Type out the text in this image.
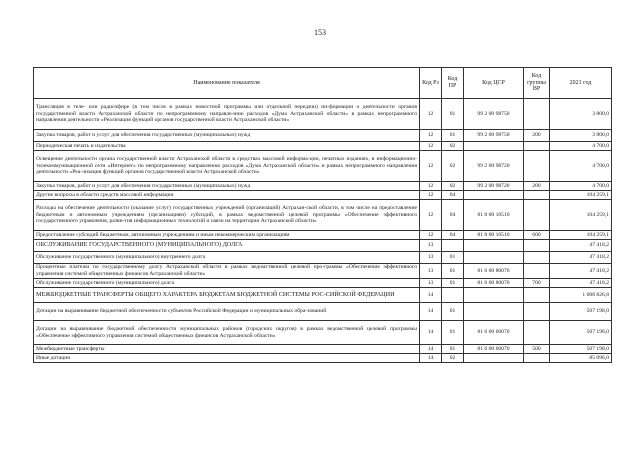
153
Наименование показателя	Код Рз	Код ПР	Код ЦСР	Код группы ВР	2021 год
Трансляция в теле- или радиоэфире (в том числе в рамках новостной программы или отдельной передачи) ин-формации о деятельности органов государственной власти Астраханской области по непрограммному направле-нию расходов «Дума Астраханской области» в рамках непрограммного направления деятельности «Реализация функций органов государственной власти Астраханской области»	12	01	99 2 00 98750		3 800,0
Закупка товаров, работ и услуг для обеспечения государственных (муниципальных) нужд	12	01	99 2 00 98750	200	3 800,0
Периодическая печать и издательства	12	02			4 700,0
Освещение деятельности органа государственной власти Астраханской области в средствах массовой информа-ции, печатных изданиях, в информационно-телекоммуникационной сети «Интернет» по непрограммному направлению расходов «Дума Астраханской области» в рамках непрограммного направления деятельности «Реа-лизация функций органов государственной власти Астраханской области»	12	02	99 2 00 98720		4 700,0
Закупка товаров, работ и услуг для обеспечения государственных (муниципальных) нужд	12	02	99 2 00 98720	200	4 700,0
Другие вопросы в области средств массовой информации	12	04			104 259,1
Расходы на обеспечение деятельности (оказание услуг) государственных учреждений (организаций) Астрахан-ской области, в том числе на предоставление бюджетным и автономным учреждениям (организациям) субсидий, в рамках ведомственной целевой программы «Обеспечение эффективного государственного управления, разви-тия информационных технологий и связи на территории Астраханской области»	12	04	81 8 00 10510		104 259,1
Предоставление субсидий бюджетным, автономным учреждениям и иным некоммерческим организациям	12	04	81 8 00 10510	600	104 259,1
ОБСЛУЖИВАНИЕ ГОСУДАРСТВЕННОГО (МУНИЦИПАЛЬНОГО) ДОЛГА	13				47 418,2
Обслуживание государственного (муниципального) внутреннего долга	13	01			47 418,2
Процентные платежи по государственному долгу Астраханской области в рамках ведомственной целевой про-граммы «Обеспечение эффективного управления системой общественных финансов Астраханской области»	13	01	81 6 00 80070		47 418,2
Обслуживание государственного (муниципального) долга	13	01	81 6 00 80070	700	47 418,2
МЕЖБЮДЖЕТНЫЕ ТРАНСФЕРТЫ ОБЩЕГО ХАРАКТЕРА БЮДЖЕТАМ БЮДЖЕТНОЙ СИСТЕМЫ РОС-СИЙСКОЙ ФЕДЕРАЦИИ	14				1 008 826,8
Дотации на выравнивание бюджетной обеспеченности субъектов Российской Федерации и муниципальных обра-зований	14	01			507 198,0
Дотации на выравнивание бюджетной обеспеченности муниципальных районов (городских округов) в рамках ведомственной целевой программы «Обеспечение эффективного управления системой общественных финансов Астраханской области»	14	01	81 6 00 60070		507 198,0
Межбюджетные трансферты	14	01	81 6 00 60070	500	507 198,0
Иные дотации	14	02			85 096,0
